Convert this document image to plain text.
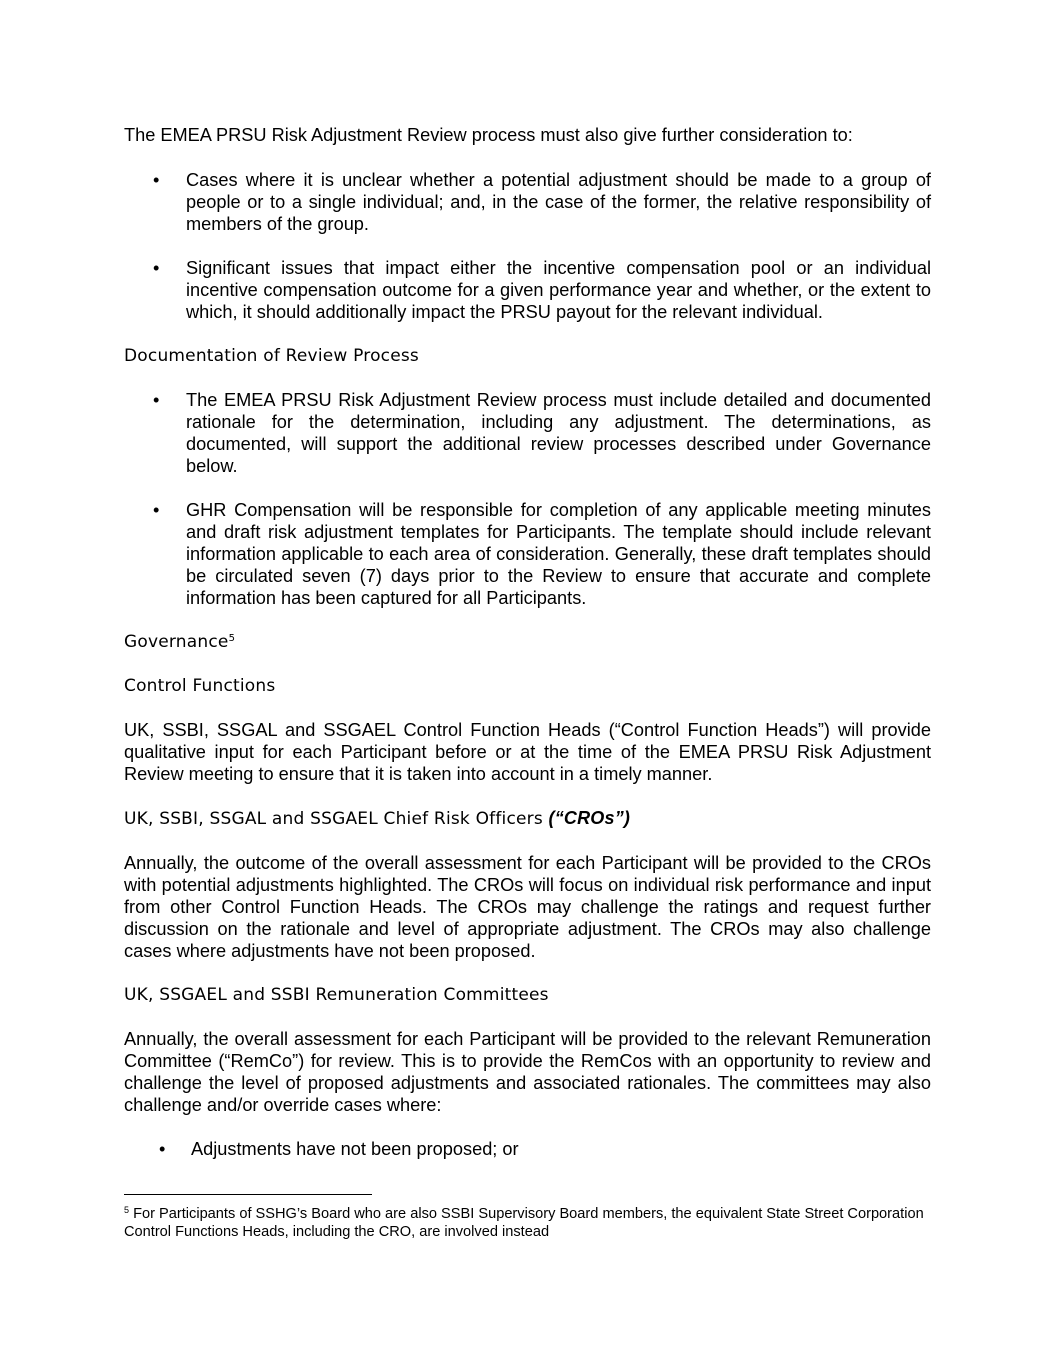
The EMEA PRSU Risk Adjustment Review process must also give further consideration to:

• Cases where it is unclear whether a potential adjustment should be made to a group of people or to a single individual; and, in the case of the former, the relative responsibility of members of the group.
• Significant issues that impact either the incentive compensation pool or an individual incentive compensation outcome for a given performance year and whether, or the extent to which, it should additionally impact the PRSU payout for the relevant individual.

Documentation of Review Process

• The EMEA PRSU Risk Adjustment Review process must include detailed and documented rationale for the determination, including any adjustment. The determinations, as documented, will support the additional review processes described under Governance below.
• GHR Compensation will be responsible for completion of any applicable meeting minutes and draft risk adjustment templates for Participants. The template should include relevant information applicable to each area of consideration. Generally, these draft templates should be circulated seven (7) days prior to the Review to ensure that accurate and complete information has been captured for all Participants.

Governance$^5$

Control Functions

UK, SSBI, SSGAL and SSGAEL Control Function Heads (“Control Function Heads”) will provide qualitative input for each Participant before or at the time of the EMEA PRSU Risk Adjustment Review meeting to ensure that it is taken into account in a timely manner.

UK, SSBI, SSGAL and SSGAEL Chief Risk Officers (“CROs”)

Annually, the outcome of the overall assessment for each Participant will be provided to the CROs with potential adjustments highlighted. The CROs will focus on individual risk performance and input from other Control Function Heads. The CROs may challenge the ratings and request further discussion on the rationale and level of appropriate adjustment. The CROs may also challenge cases where adjustments have not been proposed.

UK, SSGAEL and SSBI Remuneration Committees

Annually, the overall assessment for each Participant will be provided to the relevant Remuneration Committee (“RemCo”) for review. This is to provide the RemCos with an opportunity to review and challenge the level of proposed adjustments and associated rationales. The committees may also challenge and/or override cases where:

• Adjustments have not been proposed; or

$^5$ For Participants of SSHG’s Board who are also SSBI Supervisory Board members, the equivalent State Street Corporation Control Functions Heads, including the CRO, are involved instead
